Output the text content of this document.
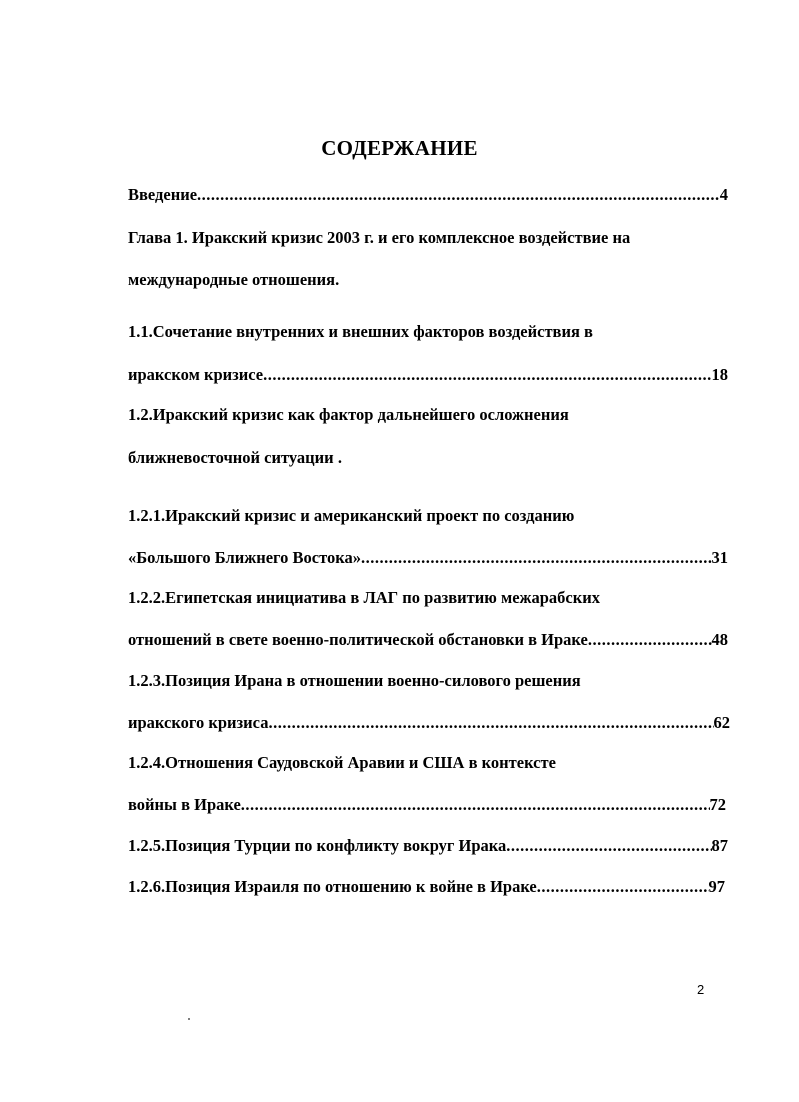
СОДЕРЖАНИЕ
Введение .....	4
Глава 1. Иракский кризис 2003 г. и его комплексное воздействие на
международные отношения.
1.1.Сочетание внутренних и внешних факторов воздействия в
иракском кризисе .....	18
1.2.Иракский кризис как фактор дальнейшего осложнения
ближневосточной ситуации .
1.2.1.Иракский кризис и американский проект по созданию
«Большого Ближнего Востока» .....	31
1.2.2.Египетская инициатива в ЛАГ по развитию межарабских
отношений в свете военно-политической обстановки в Ираке .....	48
1.2.3.Позиция Ирана в отношении военно-силового решения
иракского кризиса .....	62
1.2.4.Отношения Саудовской Аравии и США в контексте
войны в Ираке .....	72
1.2.5.Позиция Турции по конфликту вокруг Ирака .....	87
1.2.6.Позиция Израиля по отношению к войне в Ираке .....	97
2
